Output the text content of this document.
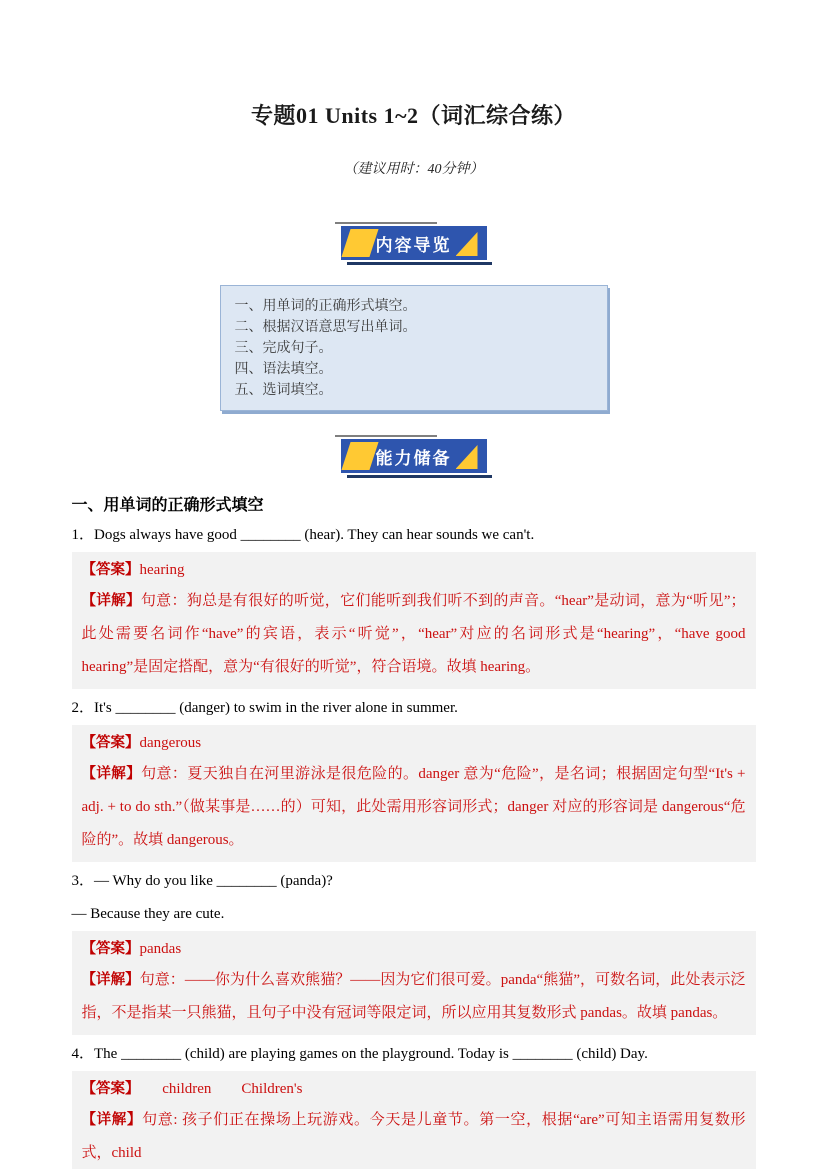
专题01 Units 1~2（词汇综合练）
（建议用时：40分钟）
内容导览
一、用单词的正确形式填空。
二、根据汉语意思写出单词。
三、完成句子。
四、语法填空。
五、选词填空。
能力储备
一、用单词的正确形式填空

1．Dogs always have good ________ (hear). They can hear sounds we can't.

【答案】hearing

【详解】句意：狗总是有很好的听觉，它们能听到我们听不到的声音。“hear”是动词，意为“听见”；此处需要名词作“have”的宾语，表示“听觉”，“hear”对应的名词形式是“hearing”，“have good hearing”是固定搭配，意为“有很好的听觉”，符合语境。故填 hearing。

2．It's ________ (danger) to swim in the river alone in summer.

【答案】dangerous

【详解】句意：夏天独自在河里游泳是很危险的。danger 意为“危险”，是名词；根据固定句型“It's + adj. + to do sth.”（做某事是……的）可知，此处需用形容词形式；danger 对应的形容词是 dangerous“危险的”。故填 dangerous。

3．— Why do you like ________ (panda)?

— Because they are cute.

【答案】pandas

【详解】句意：——你为什么喜欢熊猫？——因为它们很可爱。panda“熊猫”，可数名词，此处表示泛指，不是指某一只熊猫，且句子中没有冠词等限定词，所以应用其复数形式 pandas。故填 pandas。

4．The ________ (child) are playing games on the playground. Today is ________ (child) Day.

【答案】　　children　　Children's

【详解】句意: 孩子们正在操场上玩游戏。今天是儿童节。第一空，根据“are”可知主语需用复数形式，child
